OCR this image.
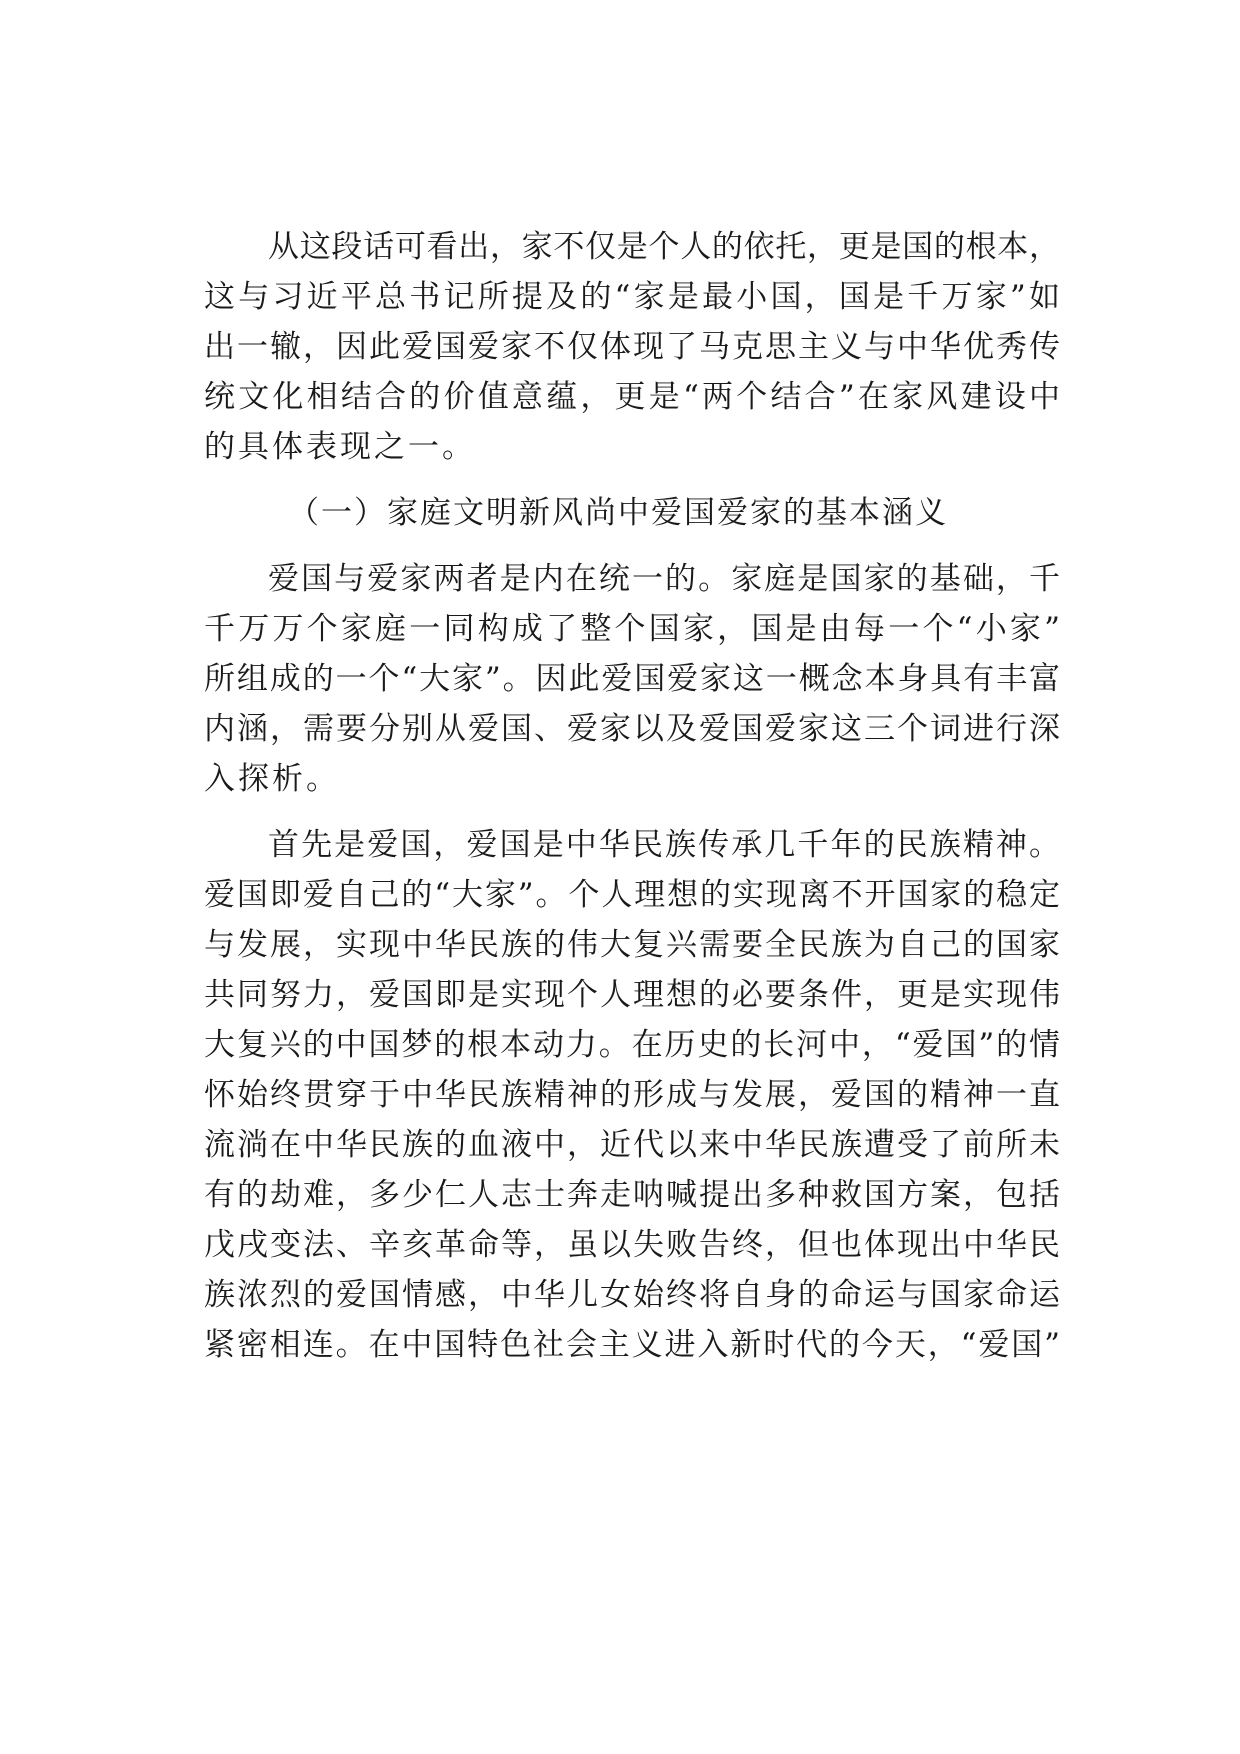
从这段话可看出，家不仅是个人的依托，更是国的根本，
这与习近平总书记所提及的“家是最小国，国是千万家”如
出一辙，因此爱国爱家不仅体现了马克思主义与中华优秀传
统文化相结合的价值意蕴，更是“两个结合”在家风建设中
的具体表现之一。
（一）家庭文明新风尚中爱国爱家的基本涵义
爱国与爱家两者是内在统一的。家庭是国家的基础，千
千万万个家庭一同构成了整个国家，国是由每一个“小家”
所组成的一个“大家”。因此爱国爱家这一概念本身具有丰富
内涵，需要分别从爱国、爱家以及爱国爱家这三个词进行深
入探析。
首先是爱国，爱国是中华民族传承几千年的民族精神。
爱国即爱自己的“大家”。个人理想的实现离不开国家的稳定
与发展，实现中华民族的伟大复兴需要全民族为自己的国家
共同努力，爱国即是实现个人理想的必要条件，更是实现伟
大复兴的中国梦的根本动力。在历史的长河中，“爱国”的情
怀始终贯穿于中华民族精神的形成与发展，爱国的精神一直
流淌在中华民族的血液中，近代以来中华民族遭受了前所未
有的劫难，多少仁人志士奔走呐喊提出多种救国方案，包括
戊戌变法、辛亥革命等，虽以失败告终，但也体现出中华民
族浓烈的爱国情感，中华儿女始终将自身的命运与国家命运
紧密相连。在中国特色社会主义进入新时代的今天，“爱国”
